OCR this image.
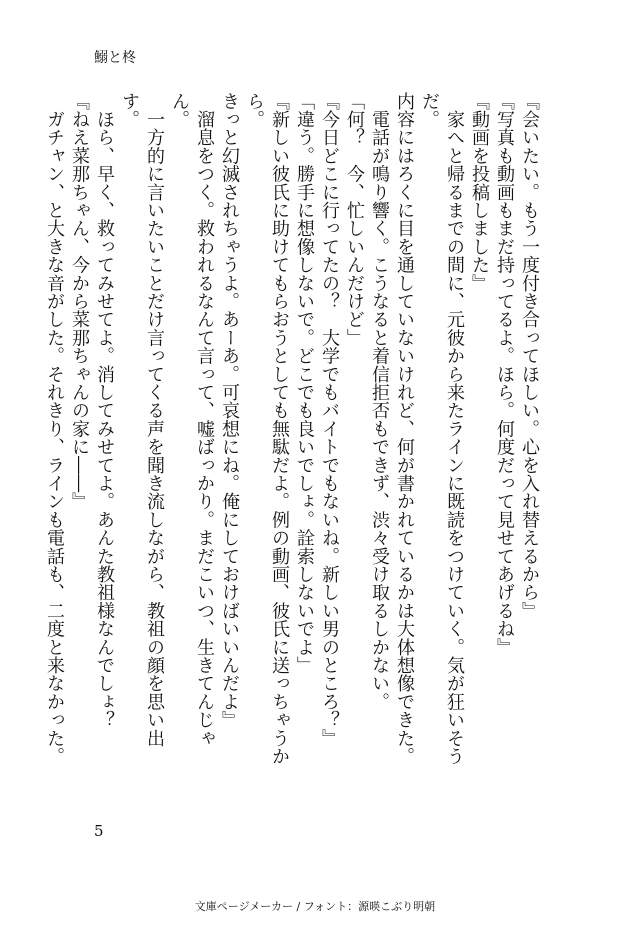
鰯と柊

『会いたい。もう一度付き合ってほしい。心を入れ替えるから』

『写真も動画もまだ持ってるよ。ほら。何度だって見せてあげるね』

『動画を投稿しました』

　家へと帰るまでの間に、元彼から来たラインに既読をつけていく。気が狂いそうだ。

内容にはろくに目を通していないけれど、何が書かれているかは大体想像できた。

　電話が鳴り響く。こうなると着信拒否もできず、渋々受け取るしかない。

「何？　今、忙しいんだけど」

『今日どこに行ってたの？　大学でもバイトでもないね。新しい男のところ？』

「違う。勝手に想像しないで。どこでも良いでしょ。詮索しないでよ」

『新しい彼氏に助けてもらおうとしても無駄だよ。例の動画、彼氏に送っちゃうから。

きっと幻滅されちゃうよ。あーあ。可哀想にね。俺にしておけばいいんだよ』

　溜息をつく。救われるなんて言って、嘘ばっかり。まだこいつ、生きてんじゃん。

　一方的に言いたいことだけ言ってくる声を聞き流しながら、教祖の顔を思い出す。

　ほら、早く、救ってみせてよ。消してみせてよ。あんた教祖様なんでしょ？

『ねえ菜那ちゃん、今から菜那ちゃんの家に――』

　ガチャン、と大きな音がした。それきり、ラインも電話も、二度と来なかった。

5
文庫ページメーカー / フォント：源暎こぶり明朝
